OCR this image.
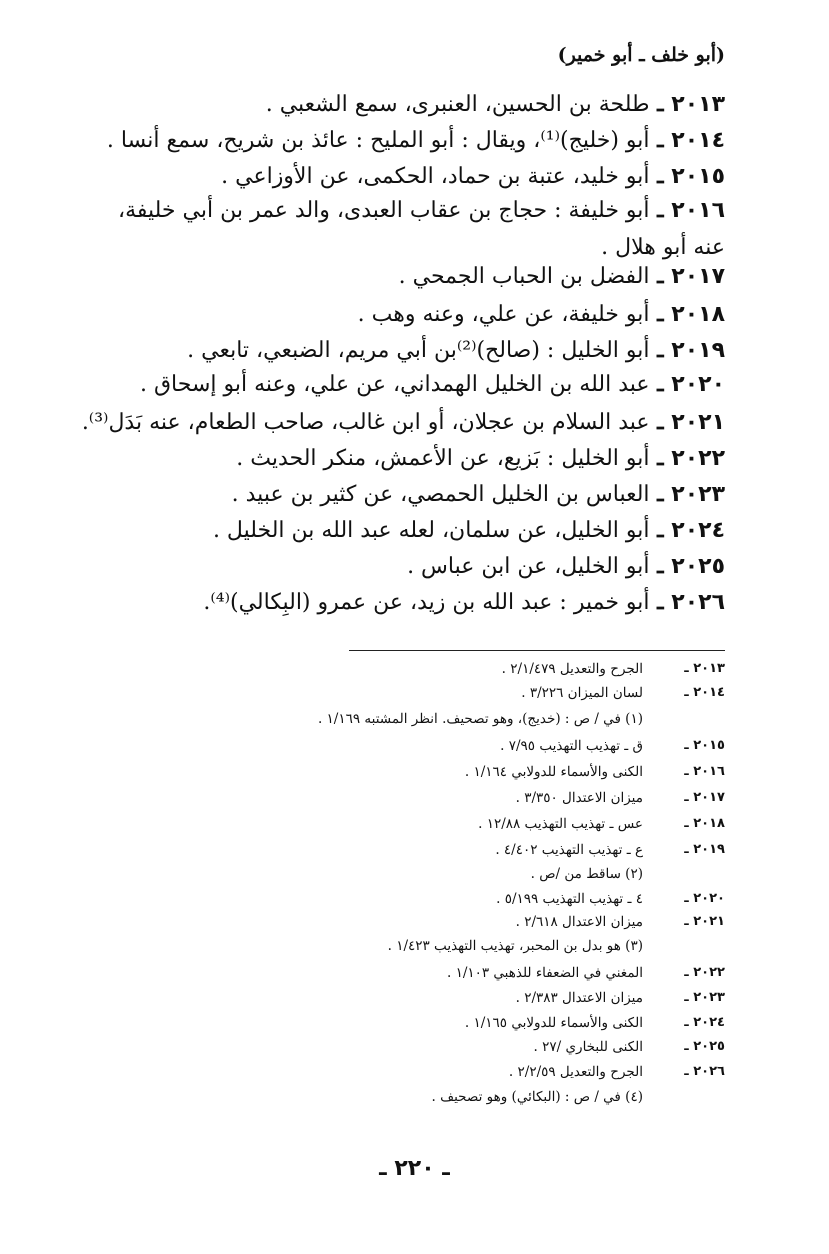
(أبو خلف ـ أبو خمير)
٢٠١٣ ـ طلحة بن الحسين، العنبرى، سمع الشعبي .
٢٠١٤ ـ أبو (خليج)⁽¹⁾، ويقال : أبو المليح : عائذ بن شريح، سمع أنسا .
٢٠١٥ ـ أبو خليد، عتبة بن حماد، الحكمى، عن الأوزاعي .
٢٠١٦ ـ أبو خليفة : حجاج بن عقاب العبدى، والد عمر بن أبي خليفة، عنه أبو هلال .
٢٠١٧ ـ الفضل بن الحباب الجمحي .
٢٠١٨ ـ أبو خليفة، عن علي، وعنه وهب .
٢٠١٩ ـ أبو الخليل : (صالح)⁽²⁾بن أبي مريم، الضبعي، تابعي .
٢٠٢٠ ـ عبد الله بن الخليل الهمداني، عن علي، وعنه أبو إسحاق .
٢٠٢١ ـ عبد السلام بن عجلان، أو ابن غالب، صاحب الطعام، عنه بَدَل⁽³⁾.
٢٠٢٢ ـ أبو الخليل : بَزيع، عن الأعمش، منكر الحديث .
٢٠٢٣ ـ العباس بن الخليل الحمصي، عن كثير بن عبيد .
٢٠٢٤ ـ أبو الخليل، عن سلمان، لعله عبد الله بن الخليل .
٢٠٢٥ ـ أبو الخليل، عن ابن عباس .
٢٠٢٦ ـ أبو خمير : عبد الله بن زيد، عن عمرو (البِكالي)⁽⁴⁾.
٢٠١٣ ـ
الجرح والتعديل ٢/١/٤٧٩ .
٢٠١٤ ـ
لسان الميزان ٣/٢٢٦ .
(١) في / ص : (خديج)، وهو تصحيف. انظر المشتبه ١/١٦٩ .
٢٠١٥ ـ
ق ـ تهذيب التهذيب ٧/٩٥ .
٢٠١٦ ـ
الكنى والأسماء للدولابي ١/١٦٤ .
٢٠١٧ ـ
ميزان الاعتدال ٣/٣٥٠ .
٢٠١٨ ـ
عس ـ تهذيب التهذيب ١٢/٨٨ .
٢٠١٩ ـ
ع ـ تهذيب التهذيب ٤/٤٠٢ .
(٢) ساقط من /ص .
٢٠٢٠ ـ
٤ ـ تهذيب التهذيب ٥/١٩٩ .
٢٠٢١ ـ
ميزان الاعتدال ٢/٦١٨ .
(٣) هو بدل بن المحبر، تهذيب التهذيب ١/٤٢٣ .
٢٠٢٢ ـ
المغني في الضعفاء للذهبي ١/١٠٣ .
٢٠٢٣ ـ
ميزان الاعتدال ٢/٣٨٣ .
٢٠٢٤ ـ
الكنى والأسماء للدولابي ١/١٦٥ .
٢٠٢٥ ـ
الكنى للبخاري /٢٧ .
٢٠٢٦ ـ
الجرح والتعديل ٢/٢/٥٩ .
(٤) في / ص : (البكائي) وهو تصحيف .
ـ ٢٢٠ ـ
